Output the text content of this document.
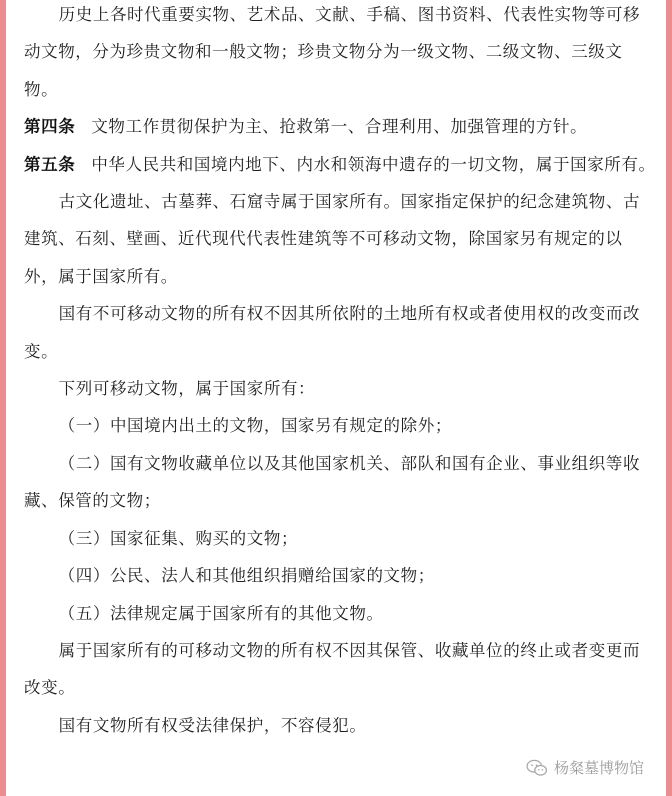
历史上各时代重要实物、艺术品、文献、手稿、图书资料、代表性实物等可移动文物，分为珍贵文物和一般文物；珍贵文物分为一级文物、二级文物、三级文物。

第四条 文物工作贯彻保护为主、抢救第一、合理利用、加强管理的方针。

第五条 中华人民共和国境内地下、内水和领海中遗存的一切文物，属于国家所有。

古文化遗址、古墓葬、石窟寺属于国家所有。国家指定保护的纪念建筑物、古建筑、石刻、壁画、近代现代代表性建筑等不可移动文物，除国家另有规定的以外，属于国家所有。

国有不可移动文物的所有权不因其所依附的土地所有权或者使用权的改变而改变。

下列可移动文物，属于国家所有：

（一）中国境内出土的文物，国家另有规定的除外；

（二）国有文物收藏单位以及其他国家机关、部队和国有企业、事业组织等收藏、保管的文物；

（三）国家征集、购买的文物；

（四）公民、法人和其他组织捐赠给国家的文物；

（五）法律规定属于国家所有的其他文物。

属于国家所有的可移动文物的所有权不因其保管、收藏单位的终止或者变更而改变。

国有文物所有权受法律保护，不容侵犯。

杨粲墓博物馆
